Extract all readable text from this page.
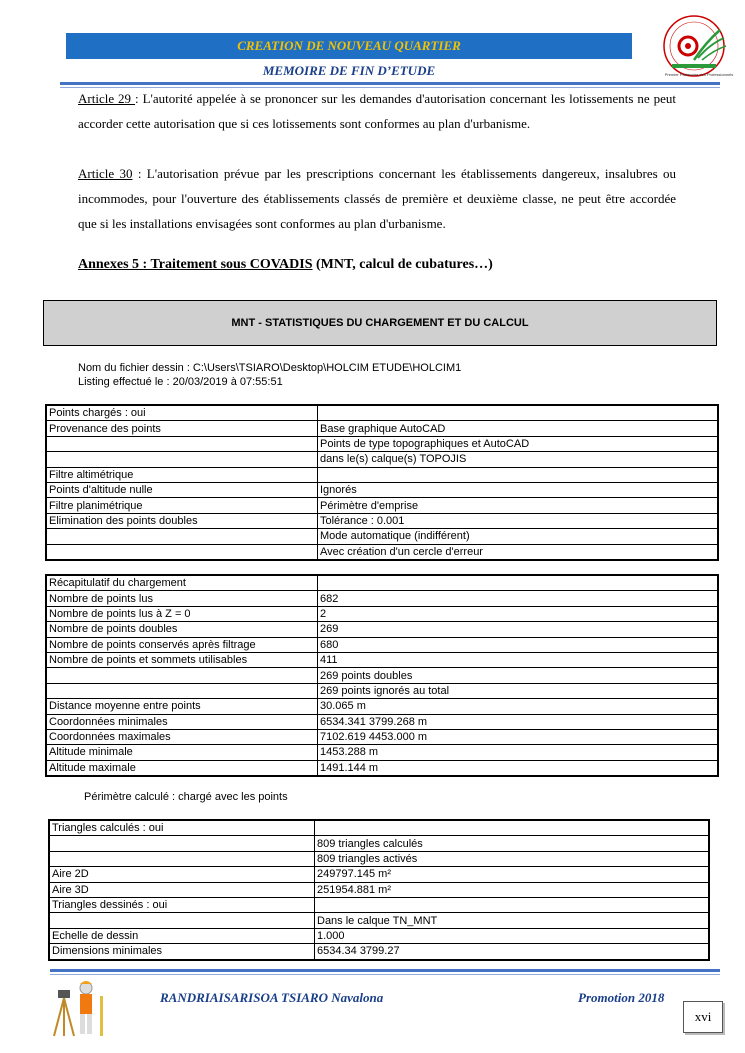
CREATION DE NOUVEAU QUARTIER
MEMOIRE DE FIN D’ETUDE	Premier Partenaire des Professionnels
Article 29 : L'autorité appelée à se prononcer sur les demandes d'autorisation concernant les lotissements ne peut accorder cette autorisation que si ces lotissements sont conformes au plan d'urbanisme.
Article 30 : L'autorisation prévue par les prescriptions concernant les établissements dangereux, insalubres ou incommodes, pour l'ouverture des établissements classés de première et deuxième classe, ne peut être accordée que si les installations envisagées sont conformes au plan d'urbanisme.
Annexes 5 : Traitement sous COVADIS (MNT, calcul de cubatures…)
MNT - STATISTIQUES DU CHARGEMENT ET DU CALCUL
Nom du fichier dessin : C:\Users\TSIARO\Desktop\HOLCIM ETUDE\HOLCIM1
Listing effectué le : 20/03/2019 à 07:55:51
Points chargés : oui	
Provenance des points	Base graphique AutoCAD
	Points de type topographiques et AutoCAD
	dans le(s) calque(s) TOPOJIS
Filtre altimétrique	
Points d'altitude nulle	Ignorés
Filtre planimétrique	Périmètre d'emprise
Elimination des points doubles	Tolérance : 0.001
	Mode automatique (indifférent)
	Avec création d'un cercle d'erreur
Récapitulatif du chargement	
Nombre de points lus	682
Nombre de points lus à Z = 0	2
Nombre de points doubles	269
Nombre de points conservés après filtrage	680
Nombre de points et sommets utilisables	411
	269 points doubles
	269 points ignorés au total
Distance moyenne entre points	30.065 m
Coordonnées minimales	6534.341 3799.268 m
Coordonnées maximales	7102.619 4453.000 m
Altitude minimale	1453.288 m
Altitude maximale	1491.144 m
Périmètre calculé : chargé avec les points
Triangles calculés : oui	
	809 triangles calculés
	809 triangles activés
Aire 2D	249797.145 m²
Aire 3D	251954.881 m²
Triangles dessinés : oui	
	Dans le calque TN_MNT
Echelle de dessin	1.000
Dimensions minimales	6534.34 3799.27
RANDRIAISARISOA TSIARO Navalona	Promotion 2018
xvi
